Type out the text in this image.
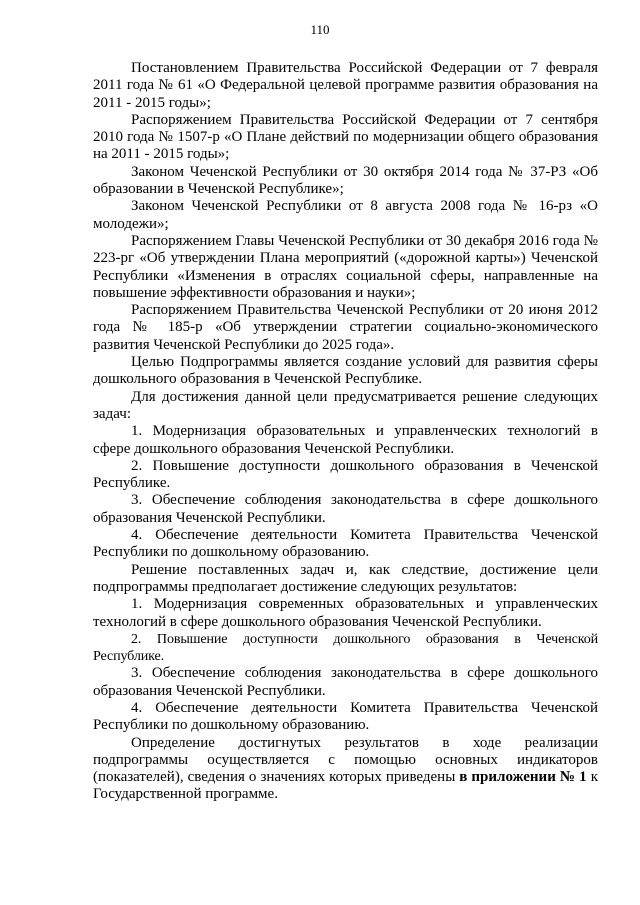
110

Постановлением Правительства Российской Федерации от 7 февраля 2011 года № 61 «О Федеральной целевой программе развития образования на 2011 - 2015 годы»;

Распоряжением Правительства Российской Федерации от 7 сентября 2010 года № 1507-р «О Плане действий по модернизации общего образования на 2011 - 2015 годы»;

Законом Чеченской Республики от 30 октября 2014 года № 37-РЗ «Об образовании в Чеченской Республике»;

Законом Чеченской Республики от 8 августа 2008 года № 16-рз «О молодежи»;

Распоряжением Главы Чеченской Республики от 30 декабря 2016 года № 223-рг «Об утверждении Плана мероприятий («дорожной карты») Чеченской Республики «Изменения в отраслях социальной сферы, направленные на повышение эффективности образования и науки»;

Распоряжением Правительства Чеченской Республики от 20 июня 2012 года № 185-р «Об утверждении стратегии социально-экономического развития Чеченской Республики до 2025 года».

Целью Подпрограммы является создание условий для развития сферы дошкольного образования в Чеченской Республике.

Для достижения данной цели предусматривается решение следующих задач:

1. Модернизация образовательных и управленческих технологий в сфере дошкольного образования Чеченской Республики.

2. Повышение доступности дошкольного образования в Чеченской Республике.

3. Обеспечение соблюдения законодательства в сфере дошкольного образования Чеченской Республики.

4. Обеспечение деятельности Комитета Правительства Чеченской Республики по дошкольному образованию.

Решение поставленных задач и, как следствие, достижение цели подпрограммы предполагает достижение следующих результатов:

1. Модернизация современных образовательных и управленческих технологий в сфере дошкольного образования Чеченской Республики.

2. Повышение доступности дошкольного образования в Чеченской Республике.

3. Обеспечение соблюдения законодательства в сфере дошкольного образования Чеченской Республики.

4. Обеспечение деятельности Комитета Правительства Чеченской Республики по дошкольному образованию.

Определение достигнутых результатов в ходе реализации подпрограммы осуществляется с помощью основных индикаторов (показателей), сведения о значениях которых приведены в приложении № 1 к Государственной программе.
